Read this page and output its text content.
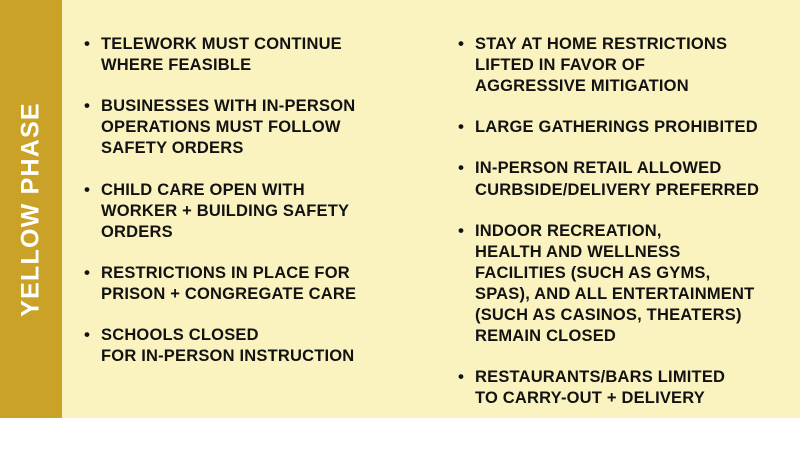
YELLOW PHASE
• TELEWORK MUST CONTINUE
WHERE FEASIBLE
• BUSINESSES WITH IN-PERSON
OPERATIONS MUST FOLLOW
SAFETY ORDERS
• CHILD CARE OPEN WITH
WORKER + BUILDING SAFETY
ORDERS
• RESTRICTIONS IN PLACE FOR
PRISON + CONGREGATE CARE
• SCHOOLS CLOSED
FOR IN-PERSON INSTRUCTION
• STAY AT HOME RESTRICTIONS
LIFTED IN FAVOR OF
AGGRESSIVE MITIGATION
• LARGE GATHERINGS PROHIBITED
• IN-PERSON RETAIL ALLOWED
CURBSIDE/DELIVERY PREFERRED
• INDOOR RECREATION,
HEALTH AND WELLNESS
FACILITIES (SUCH AS GYMS,
SPAS), AND ALL ENTERTAINMENT
(SUCH AS CASINOS, THEATERS)
REMAIN CLOSED
• RESTAURANTS/BARS LIMITED
TO CARRY-OUT + DELIVERY
